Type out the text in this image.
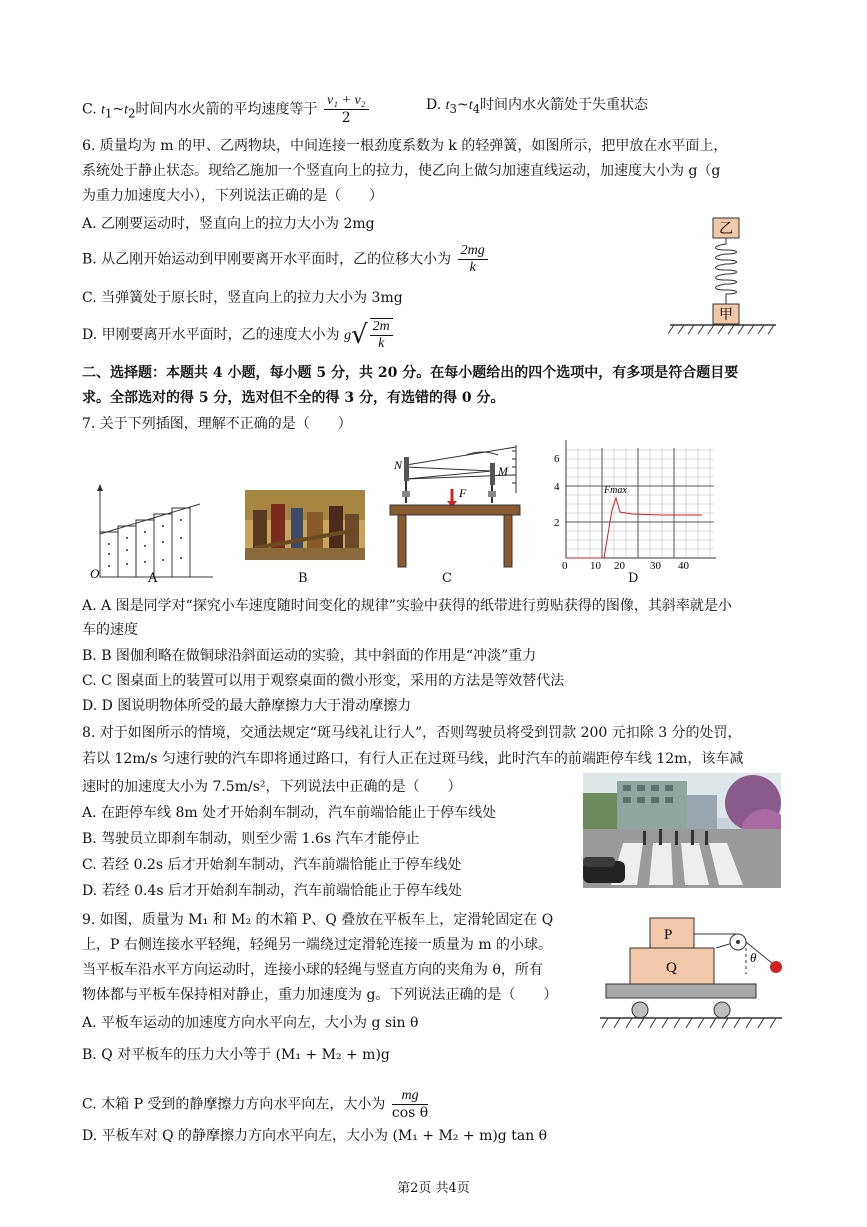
C. $t_1\sim t_2$时间内水火箭的平均速度等于 $\frac{\text{v₁ + v₂}}{2}$	D. $t_3\sim t_4$时间内水火箭处于失重状态
6. 质量均为 m 的甲、乙两物块，中间连接一根劲度系数为 k 的轻弹簧，如图所示，把甲放在水平面上，
系统处于静止状态。现给乙施加一个竖直向上的拉力，使乙向上做匀加速直线运动，加速度大小为 g（g
为重力加速度大小），下列说法正确的是（　　）
A. 乙刚要运动时，竖直向上的拉力大小为 2mg
B. 从乙刚开始运动到甲刚要离开水平面时，乙的位移大小为 $\frac{2mg}{k}$
C. 当弹簧处于原长时，竖直向上的拉力大小为 3mg
D. 甲刚要离开水平面时，乙的速度大小为 $g√ \frac{2m}{k}$
乙
甲
二、选择题：本题共 4 小题，每小题 5 分，共 20 分。在每小题给出的四个选项中，有多项是符合题目要
求。全部选对的得 5 分，选对但不全的得 3 分，有选错的得 0 分。
7. 关于下列插图，理解不正确的是（　　）
O	A	B
F
N	M
C
Fmax
6
4
2
0 10 20 30 40
D
A. A 图是同学对“探究小车速度随时间变化的规律”实验中获得的纸带进行剪贴获得的图像，其斜率就是小
车的速度
B. B 图伽利略在做铜球沿斜面运动的实验，其中斜面的作用是“冲淡”重力
C. C 图桌面上的装置可以用于观察桌面的微小形变，采用的方法是等效替代法
D. D 图说明物体所受的最大静摩擦力大于滑动摩擦力
8. 对于如图所示的情境，交通法规定“斑马线礼让行人”，否则驾驶员将受到罚款 200 元扣除 3 分的处罚，
若以 12m/s 匀速行驶的汽车即将通过路口，有行人正在过斑马线，此时汽车的前端距停车线 12m，该车减
速时的加速度大小为 7.5m/s²，下列说法中正确的是（　　）
A. 在距停车线 8m 处才开始刹车制动，汽车前端恰能止于停车线处
B. 驾驶员立即刹车制动，则至少需 1.6s 汽车才能停止
C. 若经 0.2s 后才开始刹车制动，汽车前端恰能止于停车线处
D. 若经 0.4s 后才开始刹车制动，汽车前端恰能止于停车线处
9. 如图，质量为 M₁ 和 M₂ 的木箱 P、Q 叠放在平板车上，定滑轮固定在 Q
上，P 右侧连接水平轻绳，轻绳另一端绕过定滑轮连接一质量为 m 的小球。
当平板车沿水平方向运动时，连接小球的轻绳与竖直方向的夹角为 θ，所有
物体都与平板车保持相对静止，重力加速度为 g。下列说法正确的是（　　）
A. 平板车运动的加速度方向水平向左，大小为 g sin θ
B. Q 对平板车的压力大小等于 (M₁ + M₂ + m)g
C. 木箱 P 受到的静摩擦力方向水平向左，大小为 $\frac{mg}{\text{cos θ}}$
D. 平板车对 Q 的静摩擦力方向水平向左，大小为 (M₁ + M₂ + m)g tan θ
P
Q
θ
第2页 共4页
